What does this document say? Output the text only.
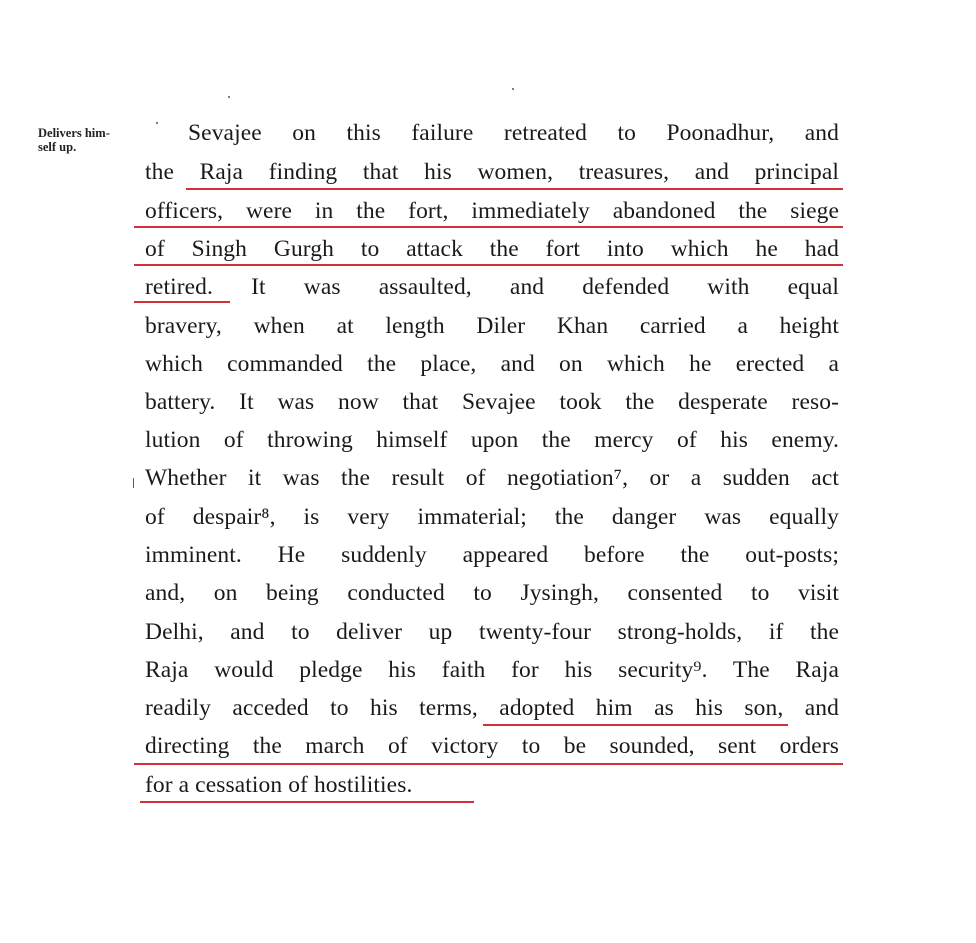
Delivers him-
self up.
Sevajee on this failure retreated to Poonadhur, and
the Raja finding that his women, treasures, and principal
officers, were in the fort, immediately abandoned the siege
of Singh Gurgh to attack the fort into which he had
retired. It was assaulted, and defended with equal
bravery, when at length Diler Khan carried a height
which commanded the place, and on which he erected a
battery. It was now that Sevajee took the desperate reso-
lution of throwing himself upon the mercy of his enemy.
Whether it was the result of negotiation⁷, or a sudden act
of despair⁸, is very immaterial; the danger was equally
imminent. He suddenly appeared before the out-posts;
and, on being conducted to Jysingh, consented to visit
Delhi, and to deliver up twenty-four strong-holds, if the
Raja would pledge his faith for his security⁹. The Raja
readily acceded to his terms, adopted him as his son, and
directing the march of victory to be sounded, sent orders
for a cessation of hostilities.
